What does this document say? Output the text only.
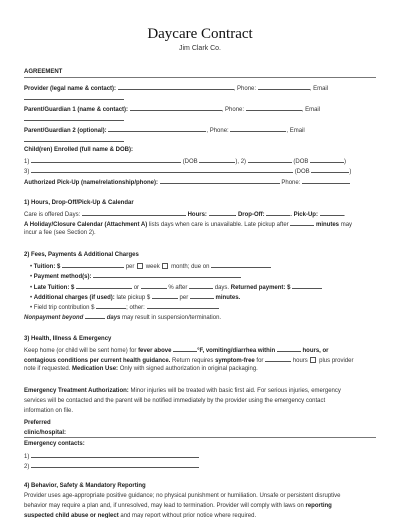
Daycare Contract
Jim Clark Co.
AGREEMENT
Provider (legal name & contact):	, Phone:	, Email
Parent/Guardian 1 (name & contact):	, Phone:	, Email
Parent/Guardian 2 (optional):	, Phone:	, Email
Child(ren) Enrolled (full name & DOB):
1)	(DOB	), 2)	(DOB	)
3)	(DOB	)
Authorized Pick-Up (name/relationship/phone):	Phone:
1) Hours, Drop-Off/Pick-Up & Calendar
Care is offered Days:	Hours:	. Drop-Off:	. Pick-Up:	.
A Holiday/Closure Calendar (Attachment A) lists days when care is unavailable. Late pickup after	minutes may
incur a fee (see Section 2).
2) Fees, Payments & Additional Charges
• Tuition: $	per week month; due on
• Payment method(s):
• Late Tuition: $	or	% after	days. Returned payment: $
• Additional charges (if used): late pickup $	per	minutes.
• Field trip contribution $	; other:
Nonpayment beyond	days may result in suspension/termination.
3) Health, Illness & Emergency
Keep home (or child will be sent home) for fever above	°F, vomiting/diarrhea within	hours, or
contagious conditions per current health guidance. Return requires symptom-free for	hours plus provider
note if requested. Medication Use: Only with signed authorization in original packaging.
Emergency Treatment Authorization: Minor injuries will be treated with basic first aid. For serious injuries, emergency
services will be contacted and the parent will be notified immediately by the provider using the emergency contact
information on file.
Preferred
clinic/hospital:
Emergency contacts:
1)
2)
4) Behavior, Safety & Mandatory Reporting
Provider uses age-appropriate positive guidance; no physical punishment or humiliation. Unsafe or persistent disruptive
behavior may require a plan and, if unresolved, may lead to termination. Provider will comply with laws on reporting
suspected child abuse or neglect and may report without prior notice where required.
